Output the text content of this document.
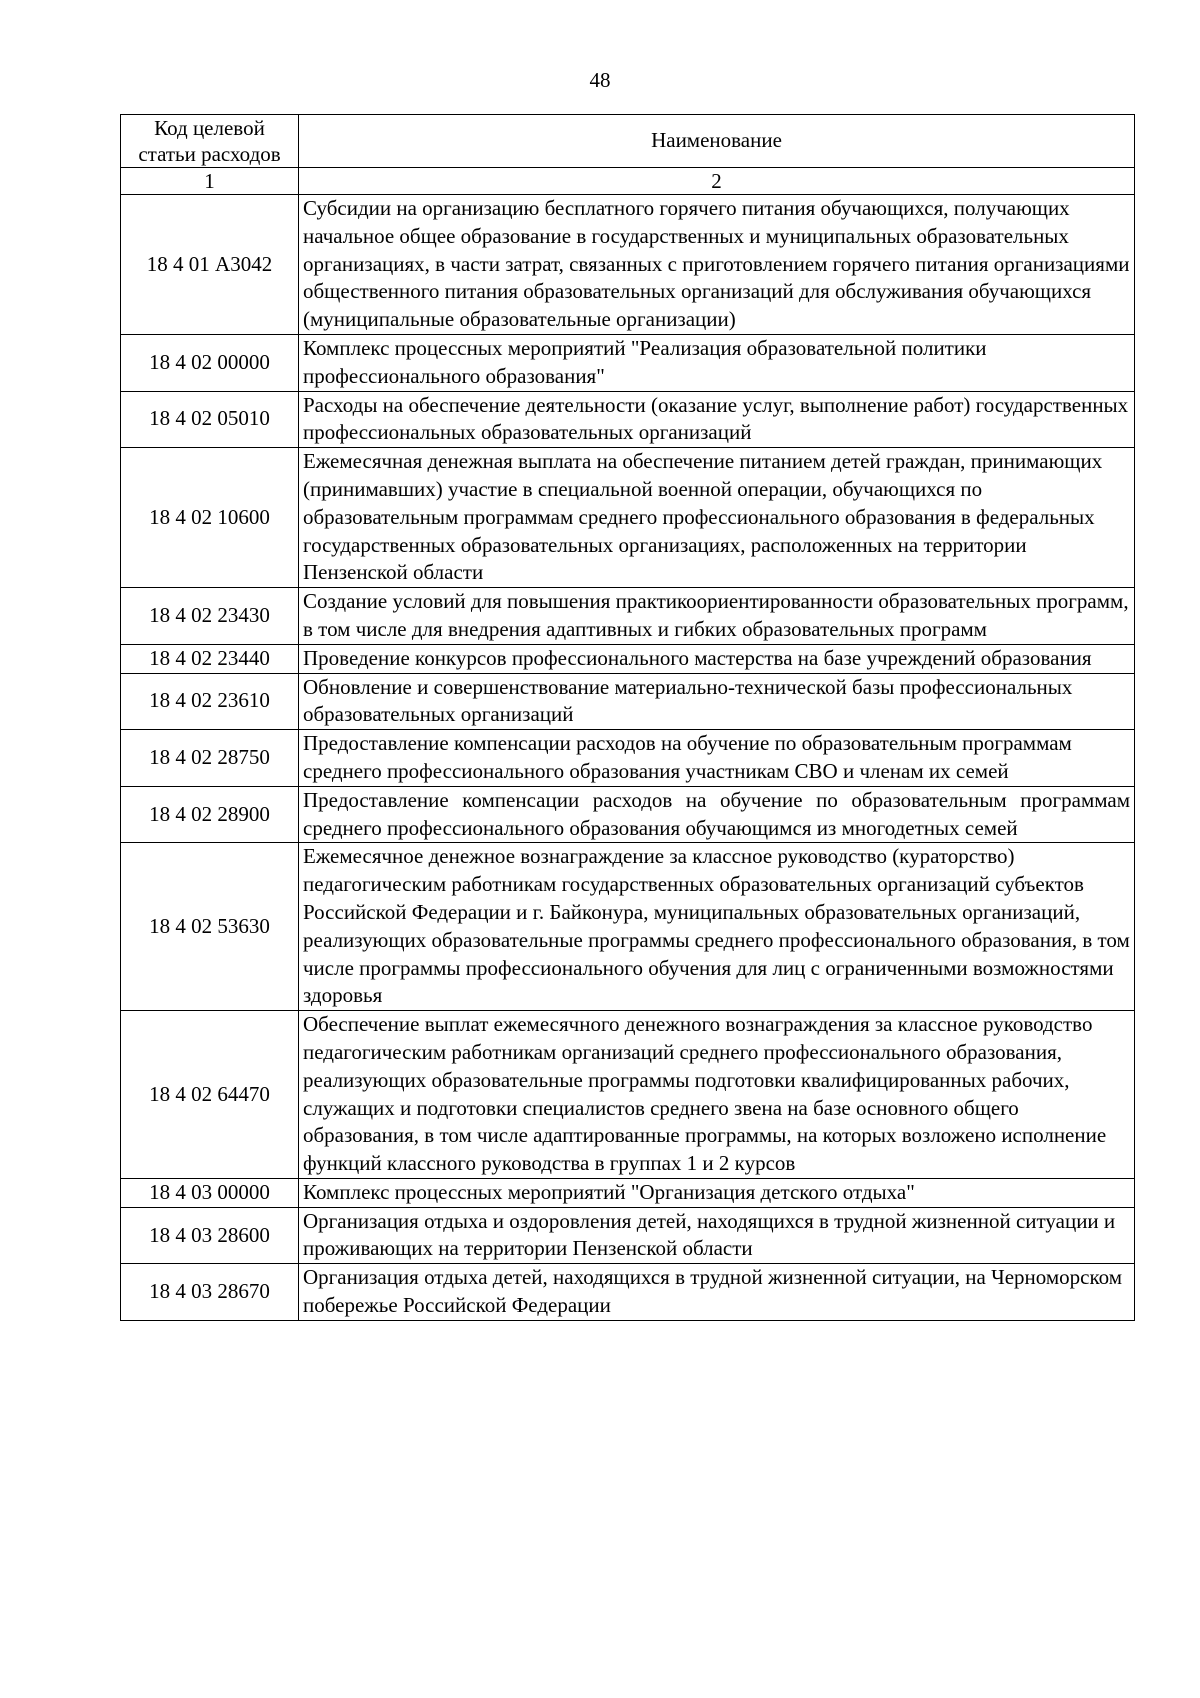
48
Код целевой статьи расходов	Наименование
1	2
18 4 01 А3042	Субсидии на организацию бесплатного горячего питания обучающихся, получающих начальное общее образование в государственных и муниципальных образовательных организациях, в части затрат, связанных с приготовлением горячего питания организациями общественного питания образовательных организаций для обслуживания обучающихся (муниципальные образовательные организации)
18 4 02 00000	Комплекс процессных мероприятий "Реализация образовательной политики профессионального образования"
18 4 02 05010	Расходы на обеспечение деятельности (оказание услуг, выполнение работ) государственных профессиональных образовательных организаций
18 4 02 10600	Ежемесячная денежная выплата на обеспечение питанием детей граждан, принимающих (принимавших) участие в специальной военной операции, обучающихся по образовательным программам среднего профессионального образования в федеральных государственных образовательных организациях, расположенных на территории Пензенской области
18 4 02 23430	Создание условий для повышения практикоориентированности образовательных программ, в том числе для внедрения адаптивных и гибких образовательных программ
18 4 02 23440	Проведение конкурсов профессионального мастерства на базе учреждений образования
18 4 02 23610	Обновление и совершенствование материально-технической базы профессиональных образовательных организаций
18 4 02 28750	Предоставление компенсации расходов на обучение по образовательным программам среднего профессионального образования участникам СВО и членам их семей
18 4 02 28900	Предоставление компенсации расходов на обучение по образовательным программам среднего профессионального образования обучающимся из многодетных семей
18 4 02 53630	Ежемесячное денежное вознаграждение за классное руководство (кураторство) педагогическим работникам государственных образовательных организаций субъектов Российской Федерации и г. Байконура, муниципальных образовательных организаций, реализующих образовательные программы среднего профессионального образования, в том числе программы профессионального обучения для лиц с ограниченными возможностями здоровья
18 4 02 64470	Обеспечение выплат ежемесячного денежного вознаграждения за классное руководство педагогическим работникам организаций среднего профессионального образования, реализующих образовательные программы подготовки квалифицированных рабочих, служащих и подготовки специалистов среднего звена на базе основного общего образования, в том числе адаптированные программы, на которых возложено исполнение функций классного руководства в группах 1 и 2 курсов
18 4 03 00000	Комплекс процессных мероприятий "Организация детского отдыха"
18 4 03 28600	Организация отдыха и оздоровления детей, находящихся в трудной жизненной ситуации и проживающих на территории Пензенской области
18 4 03 28670	Организация отдыха детей, находящихся в трудной жизненной ситуации, на Черноморском побережье Российской Федерации
